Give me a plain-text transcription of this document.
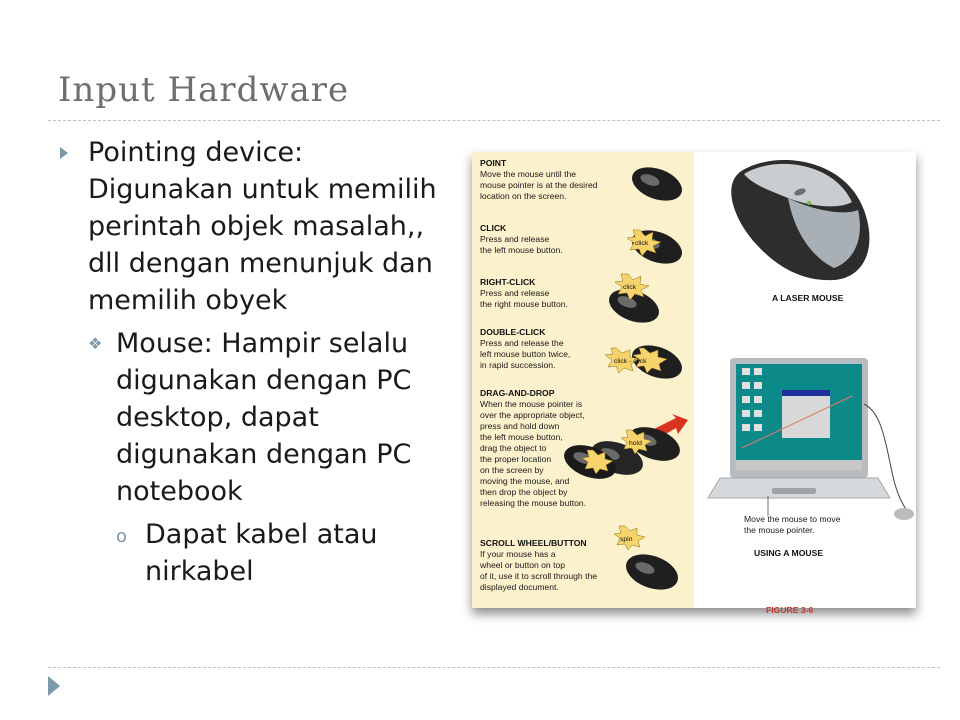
Input Hardware
Pointing device:
Digunakan untuk memilih
perintah objek masalah,,
dll dengan menunjuk dan
memilih obyek
❖ Mouse: Hampir selalu
digunakan dengan PC
desktop, dapat
digunakan dengan PC
notebook
o Dapat kabel atau
nirkabel
POINT
Move the mouse until the
mouse pointer is at the desired
location on the screen.
CLICK
Press and release
the left mouse button.
click
RIGHT-CLICK
Press and release
the right mouse button.
click
DOUBLE-CLICK
Press and release the
left mouse button twice,
in rapid succession.	click - click
DRAG-AND-DROP
When the mouse pointer is
over the appropriate object,
press and hold down
the left mouse button,
drag the object to
the proper location
on the screen by
moving the mouse, and
then drop the object by
releasing the mouse button.
hold
SCROLL WHEEL/BUTTON
If your mouse has a
wheel or button on top
of it, use it to scroll through the
displayed document.
spin
A LASER MOUSE
Move the mouse to move
the mouse pointer.
USING A MOUSE
FIGURE 3-6
